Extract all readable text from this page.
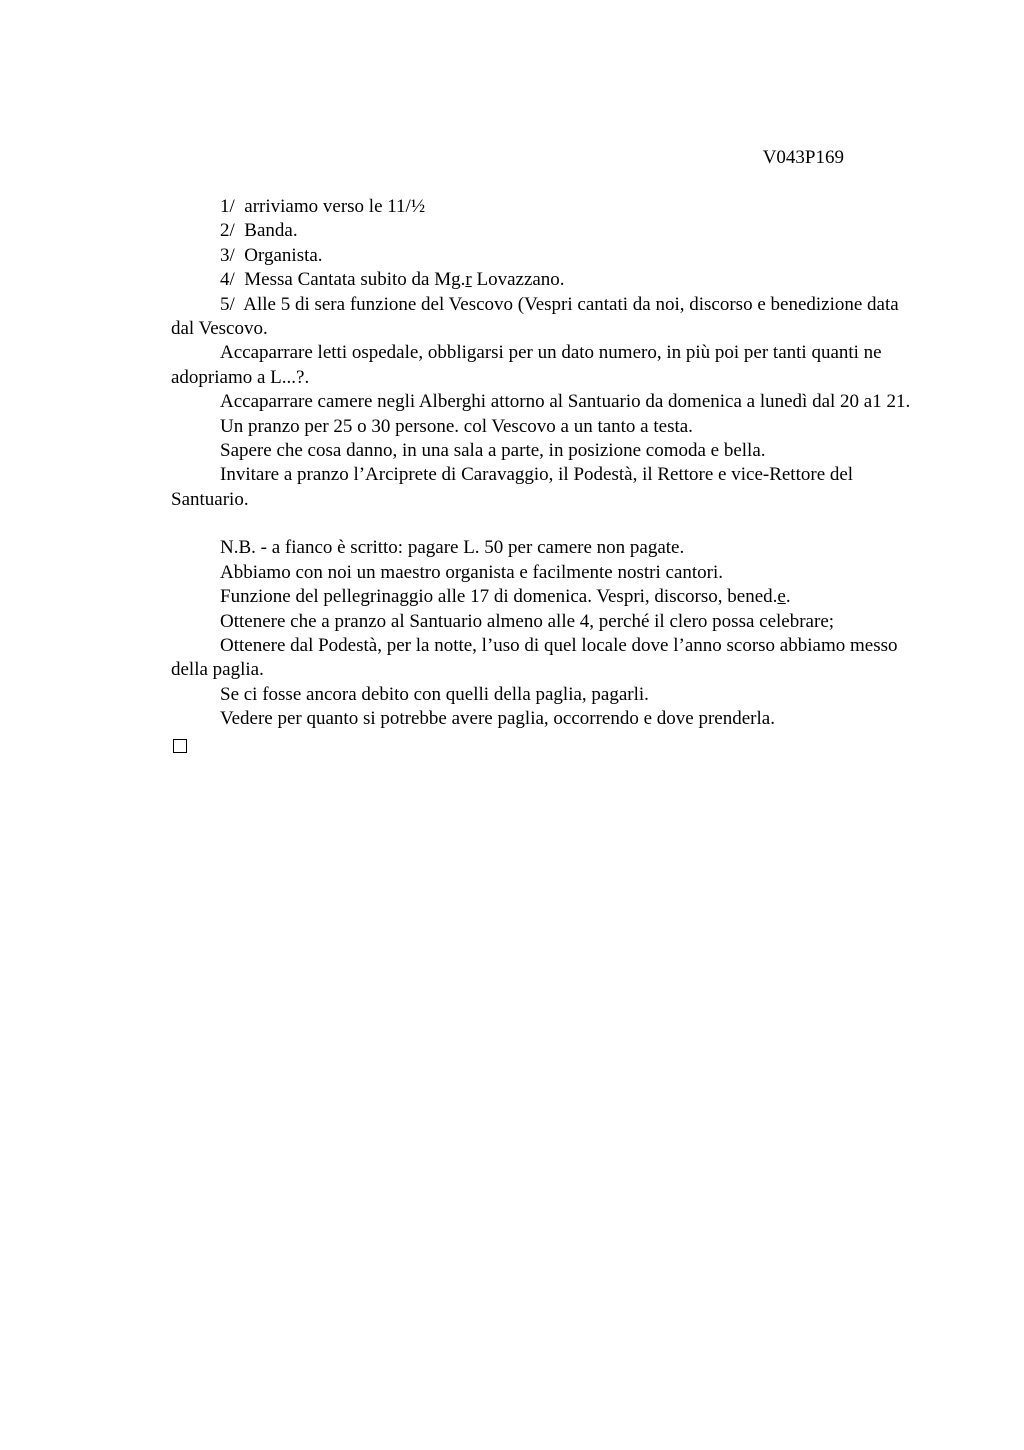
V043P169

1/ arriviamo verso le 11/½

2/ Banda.

3/ Organista.

4/ Messa Cantata subito da Mg.r Lovazzano.

5/ Alle 5 di sera funzione del Vescovo (Vespri cantati da noi, discorso e benedizione data dal Vescovo.

Accaparrare letti ospedale, obbligarsi per un dato numero, in più poi per tanti quanti ne adopriamo a L...?.

Accaparrare camere negli Alberghi attorno al Santuario da domenica a lunedì dal 20 a1 21.

Un pranzo per 25 o 30 persone. col Vescovo a un tanto a testa.

Sapere che cosa danno, in una sala a parte, in posizione comoda e bella.

Invitare a pranzo l’Arciprete di Caravaggio, il Podestà, il Rettore e vice-Rettore del Santuario.

N.B. - a fianco è scritto: pagare L. 50 per camere non pagate.

Abbiamo con noi un maestro organista e facilmente nostri cantori.

Funzione del pellegrinaggio alle 17 di domenica. Vespri, discorso, bened.e.

Ottenere che a pranzo al Santuario almeno alle 4, perché il clero possa celebrare;

Ottenere dal Podestà, per la notte, l’uso di quel locale dove l’anno scorso abbiamo messo della paglia.

Se ci fosse ancora debito con quelli della paglia, pagarli.

Vedere per quanto si potrebbe avere paglia, occorrendo e dove prenderla.
